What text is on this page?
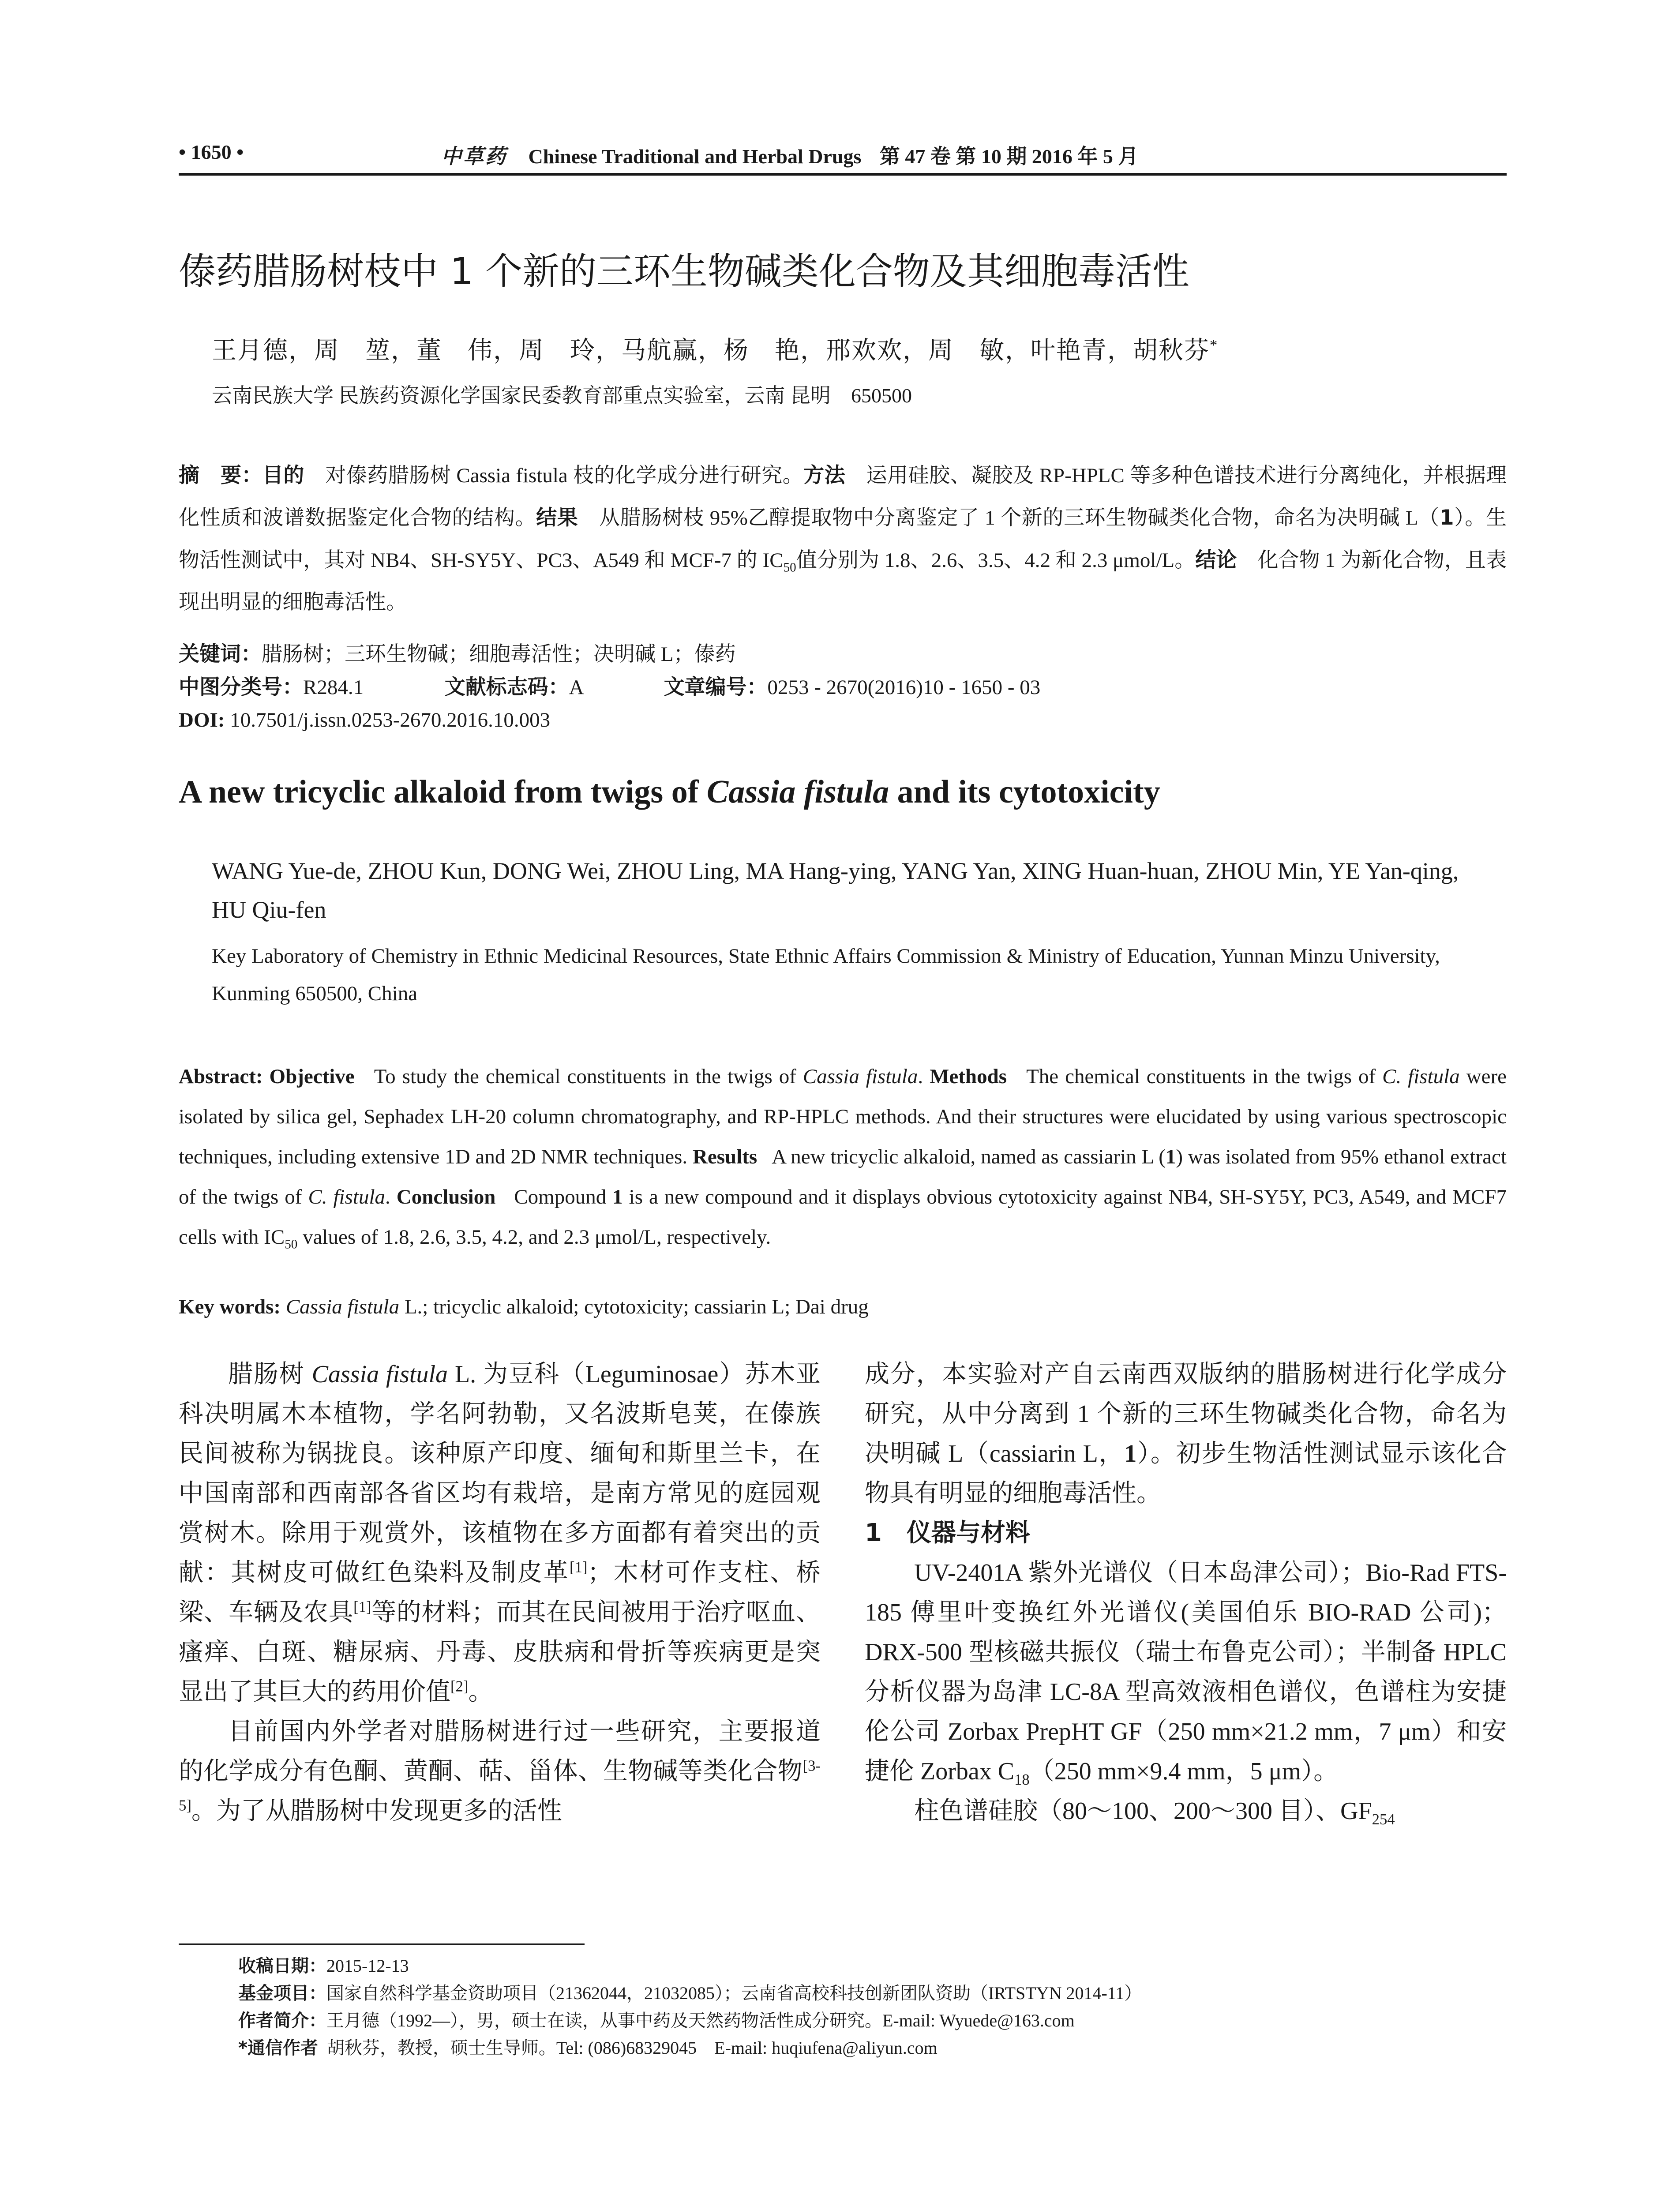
• 1650 •	中草药 Chinese Traditional and Herbal Drugs 第 47 卷 第 10 期 2016 年 5 月
傣药腊肠树枝中 1 个新的三环生物碱类化合物及其细胞毒活性
王月德，周　堃，董　伟，周　玲，马航赢，杨　艳，邢欢欢，周　敏，叶艳青，胡秋芬*
云南民族大学 民族药资源化学国家民委教育部重点实验室，云南 昆明　650500
摘　要：目的　 对傣药腊肠树 Cassia fistula 枝的化学成分进行研究。方法　 运用硅胶、凝胶及 RP-HPLC 等多种色谱技术进行分离纯化，并根据理化性质和波谱数据鉴定化合物的结构。结果　 从腊肠树枝 95%乙醇提取物中分离鉴定了 1 个新的三环生物碱类化合物，命名为决明碱 L（1）。生物活性测试中，其对 NB4、SH-SY5Y、PC3、A549 和 MCF-7 的 $IC_{50}$值分别为 1.8、2.6、3.5、4.2 和 2.3 μmol/L。结论　 化合物 1 为新化合物，且表现出明显的细胞毒活性。
关键词：腊肠树；三环生物碱；细胞毒活性；决明碱 L；傣药
中图分类号：R284.1	文献标志码：A	文章编号：0253 - 2670(2016)10 - 1650 - 03
DOI: 10.7501/j.issn.0253-2670.2016.10.003
A new tricyclic alkaloid from twigs of Cassia fistula and its cytotoxicity
WANG Yue-de, ZHOU Kun, DONG Wei, ZHOU Ling, MA Hang-ying, YANG Yan, XING Huan-huan, ZHOU Min, YE Yan-qing, HU Qiu-fen
Key Laboratory of Chemistry in Ethnic Medicinal Resources, State Ethnic Affairs Commission & Ministry of Education, Yunnan Minzu University, Kunming 650500, China
Abstract: Objective To study the chemical constituents in the twigs of Cassia fistula. Methods The chemical constituents in the twigs of C. fistula were isolated by silica gel, Sephadex LH-20 column chromatography, and RP-HPLC methods. And their structures were elucidated by using various spectroscopic techniques, including extensive 1D and 2D NMR techniques. Results A new tricyclic alkaloid, named as cassiarin L (1) was isolated from 95% ethanol extract of the twigs of C. fistula. Conclusion Compound 1 is a new compound and it displays obvious cytotoxicity against NB4, SH-SY5Y, PC3, A549, and MCF7 cells with $IC_{50}$ values of 1.8, 2.6, 3.5, 4.2, and 2.3 μmol/L, respectively.
Key words: Cassia fistula L.; tricyclic alkaloid; cytotoxicity; cassiarin L; Dai drug

腊肠树 Cassia fistula L. 为豆科（Leguminosae）苏木亚科决明属木本植物，学名阿勃勒，又名波斯皂荚，在傣族民间被称为锅拢良。该种原产印度、缅甸和斯里兰卡，在中国南部和西南部各省区均有栽培，是南方常见的庭园观赏树木。除用于观赏外，该植物在多方面都有着突出的贡献：其树皮可做红色染料及制皮革[1]；木材可作支柱、桥梁、车辆及农具[1]等的材料；而其在民间被用于治疗呕血、瘙痒、白斑、糖尿病、丹毒、皮肤病和骨折等疾病更是突显出了其巨大的药用价值[2]。

目前国内外学者对腊肠树进行过一些研究，主要报道的化学成分有色酮、黄酮、萜、甾体、生物碱等类化合物[3-5]。为了从腊肠树中发现更多的活性

成分，本实验对产自云南西双版纳的腊肠树进行化学成分研究，从中分离到 1 个新的三环生物碱类化合物，命名为决明碱 L（cassiarin L，1）。初步生物活性测试显示该化合物具有明显的细胞毒活性。

1　仪器与材料

UV-2401A 紫外光谱仪（日本岛津公司）；Bio-Rad FTS-185 傅里叶变换红外光谱仪(美国伯乐 BIO-RAD 公司)；DRX-500 型核磁共振仪（瑞士布鲁克公司）；半制备 HPLC 分析仪器为岛津 LC-8A 型高效液相色谱仪，色谱柱为安捷伦公司 Zorbax PrepHT GF（250 mm×21.2 mm，7 μm）和安捷伦 Zorbax $C_{18}(250$ mm×9.4 mm，5 μm）。

柱色谱硅胶（80～100、200～300 目）、$GF_{254}$

收稿日期：2015-12-13
基金项目：国家自然科学基金资助项目（21362044，21032085）；云南省高校科技创新团队资助（IRTSTYN 2014-11）
作者简介：王月德（1992—），男，硕士在读，从事中药及天然药物活性成分研究。E-mail: Wyuede@163.com
*通信作者 胡秋芬，教授，硕士生导师。Tel: (086)68329045　E-mail: huqiufena@aliyun.com
